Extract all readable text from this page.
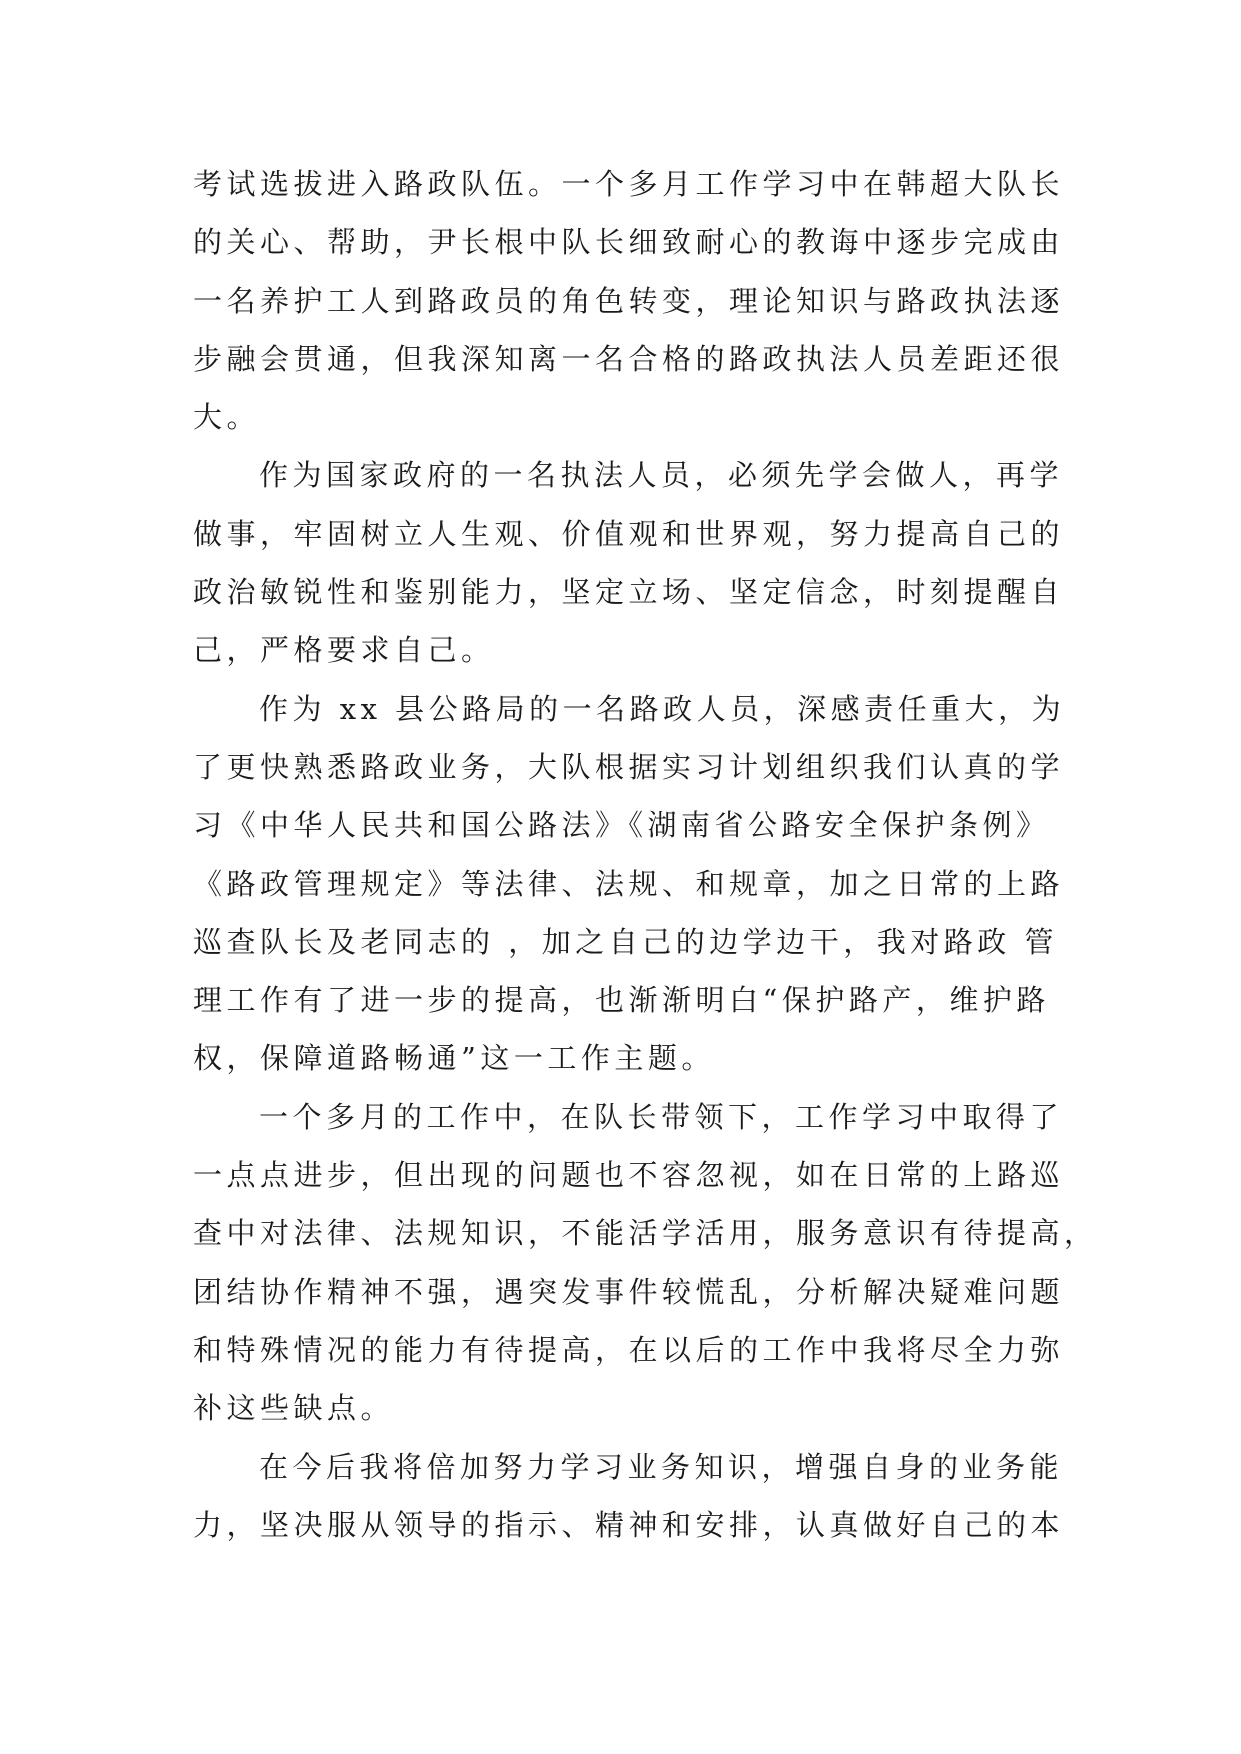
考试选拔进入路政队伍。一个多月工作学习中在韩超大队长
的关心、帮助，尹长根中队长细致耐心的教诲中逐步完成由
一名养护工人到路政员的角色转变，理论知识与路政执法逐
步融会贯通，但我深知离一名合格的路政执法人员差距还很
大。
作为国家政府的一名执法人员，必须先学会做人，再学
做事，牢固树立人生观、价值观和世界观，努力提高自己的
政治敏锐性和鉴别能力，坚定立场、坚定信念，时刻提醒自
己，严格要求自己。
作为 xx 县公路局的一名路政人员，深感责任重大，为
了更快熟悉路政业务，大队根据实习计划组织我们认真的学
习《中华人民共和国公路法》《湖南省公路安全保护条例》
《路政管理规定》等法律、法规、和规章，加之日常的上路
巡查队长及老同志的 ，加之自己的边学边干，我对路政 管
理工作有了进一步的提高，也渐渐明白“保护路产，维护路
权，保障道路畅通”这一工作主题。
一个多月的工作中，在队长带领下，工作学习中取得了
一点点进步，但出现的问题也不容忽视，如在日常的上路巡
查中对法律、法规知识，不能活学活用，服务意识有待提高，
团结协作精神不强，遇突发事件较慌乱，分析解决疑难问题
和特殊情况的能力有待提高，在以后的工作中我将尽全力弥
补这些缺点。
在今后我将倍加努力学习业务知识，增强自身的业务能
力，坚决服从领导的指示、精神和安排，认真做好自己的本
